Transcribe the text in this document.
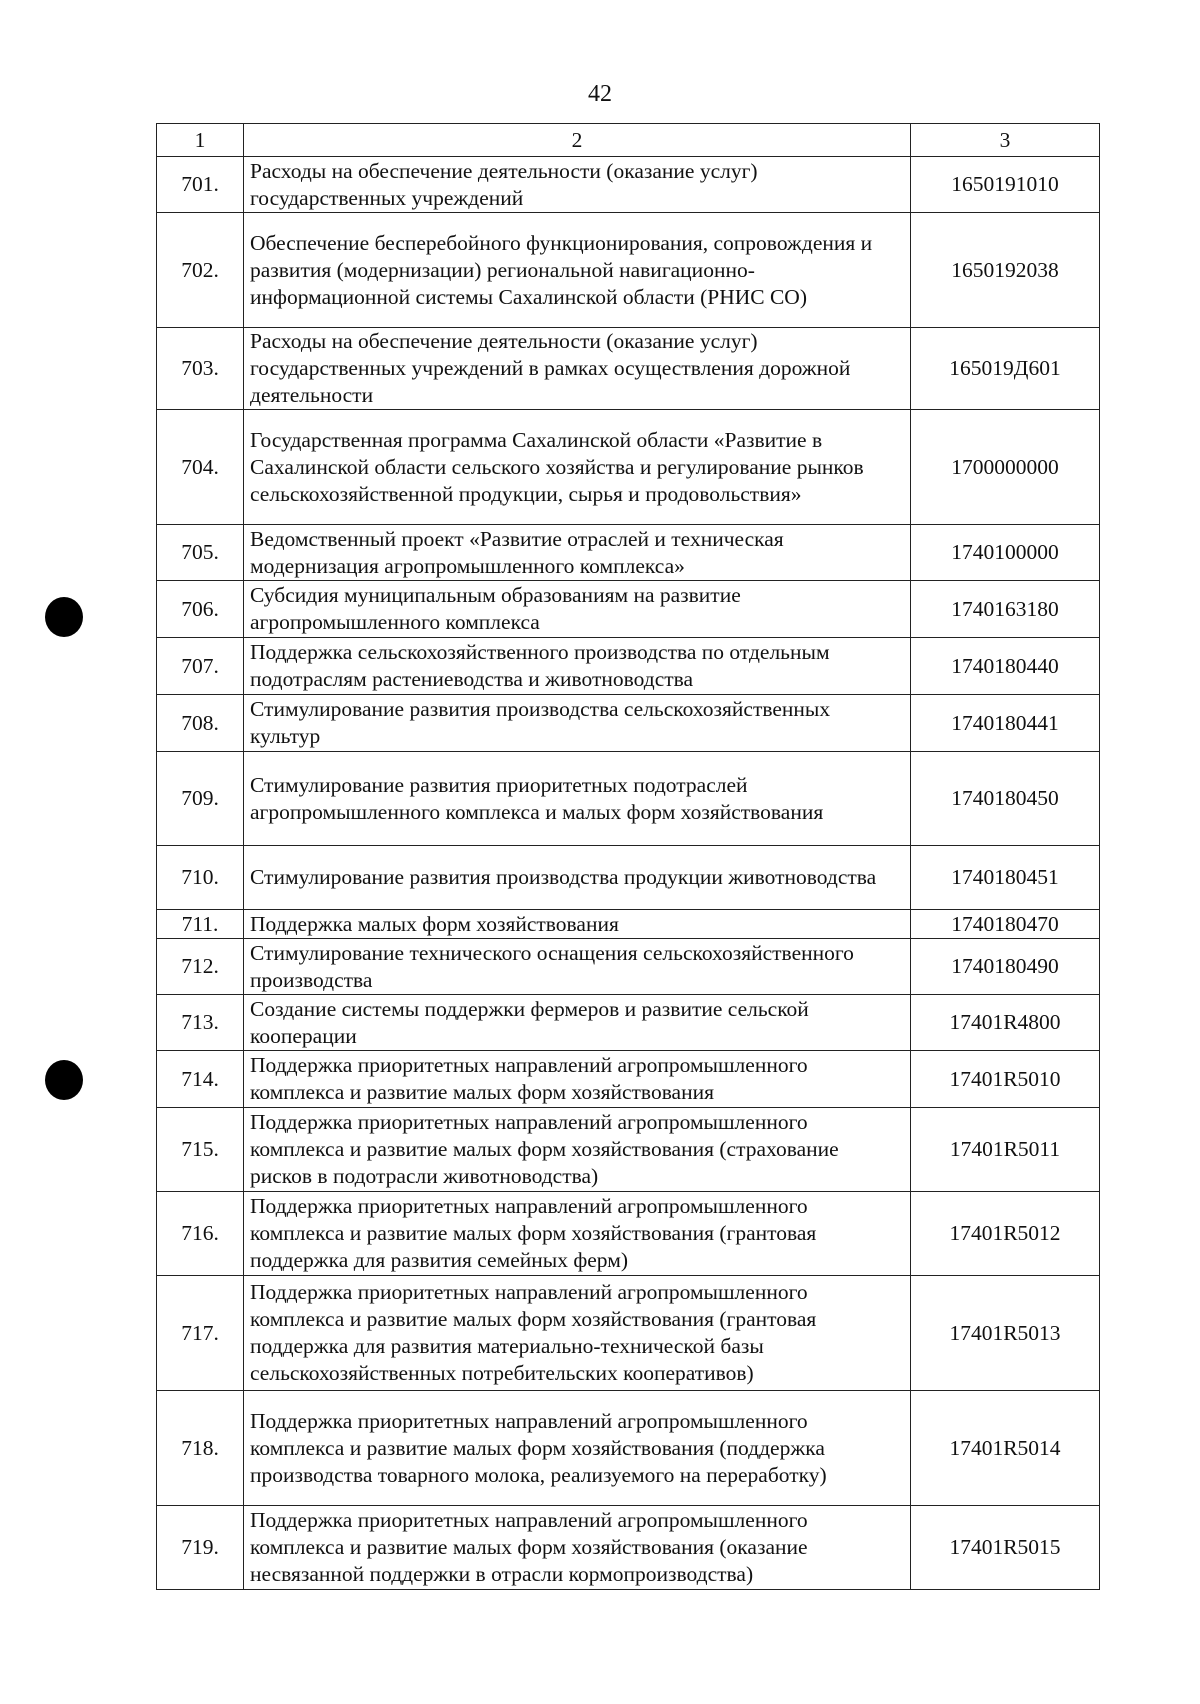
42
1	2	3
701.	Расходы на обеспечение деятельности (оказание услуг) государственных учреждений	1650191010
702.	Обеспечение бесперебойного функционирования, сопровождения и развития (модернизации) региональной навигационно-информационной системы Сахалинской области (РНИС СО)	1650192038
703.	Расходы на обеспечение деятельности (оказание услуг) государственных учреждений в рамках осуществления дорожной деятельности	165019Д601
704.	Государственная программа Сахалинской области «Развитие в Сахалинской области сельского хозяйства и регулирование рынков сельскохозяйственной продукции, сырья и продовольствия»	1700000000
705.	Ведомственный проект «Развитие отраслей и техническая модернизация агропромышленного комплекса»	1740100000
706.	Субсидия муниципальным образованиям на развитие агропромышленного комплекса	1740163180
707.	Поддержка сельскохозяйственного производства по отдельным подотраслям растениеводства и животноводства	1740180440
708.	Стимулирование развития производства сельскохозяйственных культур	1740180441
709.	Стимулирование развития приоритетных подотраслей агропромышленного комплекса и малых форм хозяйствования	1740180450
710.	Стимулирование развития производства продукции животноводства	1740180451
711.	Поддержка малых форм хозяйствования	1740180470
712.	Стимулирование технического оснащения сельскохозяйственного производства	1740180490
713.	Создание системы поддержки фермеров и развитие сельской кооперации	17401R4800
714.	Поддержка приоритетных направлений агропромышленного комплекса и развитие малых форм хозяйствования	17401R5010
715.	Поддержка приоритетных направлений агропромышленного комплекса и развитие малых форм хозяйствования (страхование рисков в подотрасли животноводства)	17401R5011
716.	Поддержка приоритетных направлений агропромышленного комплекса и развитие малых форм хозяйствования (грантовая поддержка для развития семейных ферм)	17401R5012
717.	Поддержка приоритетных направлений агропромышленного комплекса и развитие малых форм хозяйствования (грантовая поддержка для развития материально-технической базы сельскохозяйственных потребительских кооперативов)	17401R5013
718.	Поддержка приоритетных направлений агропромышленного комплекса и развитие малых форм хозяйствования (поддержка производства товарного молока, реализуемого на переработку)	17401R5014
719.	Поддержка приоритетных направлений агропромышленного комплекса и развитие малых форм хозяйствования (оказание несвязанной поддержки в отрасли кормопроизводства)	17401R5015
